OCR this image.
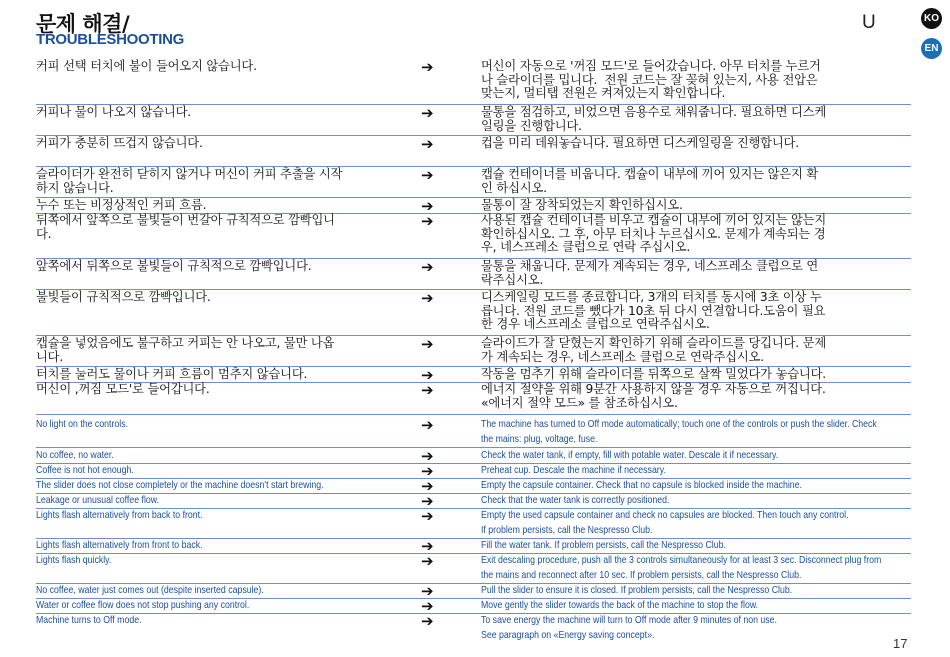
문제 해결/
TROUBLESHOOTING
U	KO
EN
커피 선택 터치에 불이 들어오지 않습니다.	➔	머신이 자동으로 '꺼짐 모드'로 들어갔습니다. 아무 터치를 누르거
나 슬라이더를 밉니다.  전원 코드는 잘 꽂혀 있는지, 사용 전압은
맞는지, 멀티탭 전원은 켜져있는지 확인합니다.
커피나 물이 나오지 않습니다.	➔	물통을 점검하고, 비었으면 음용수로 채워줍니다. 필요하면 디스케
일링을 진행합니다.
커피가 충분히 뜨겁지 않습니다.	➔	컵을 미리 데워놓습니다. 필요하면 디스케일링을 진행합니다.
슬라이더가 완전히 닫히지 않거나 머신이 커피 추출을 시작
하지 않습니다.
➔	캡슐 컨테이너를 비웁니다. 캡슐이 내부에 끼어 있지는 않은지 확
인 하십시오.
누수 또는 비정상적인 커피 흐름.	➔	물통이 잘 장착되었는지 확인하십시오.
뒤쪽에서 앞쪽으로 불빛들이 번갈아 규칙적으로 깜빡입니
다.
➔	사용된 캡슐 컨테이너를 비우고 캡슐이 내부에 끼어 있지는 않는지
확인하십시오. 그 후, 아무 터치나 누르십시오. 문제가 계속되는 경
우, 네스프레소 클럽으로 연락 주십시오.
앞쪽에서 뒤쪽으로 불빛들이 규칙적으로 깜빡입니다.	➔	물통을 채웁니다. 문제가 계속되는 경우, 네스프레소 클럽으로 연
락주십시오.
불빛들이 규칙적으로 깜빡입니다.	➔	디스케일링 모드를 종료합니다, 3개의 터치를 동시에 3초 이상 누
릅니다. 전원 코드를 뺐다가 10초 뒤 다시 연결합니다.도움이 필요
한 경우 네스프레소 클럽으로 연락주십시오.
캡슐을 넣었음에도 불구하고 커피는 안 나오고, 물만 나옵
니다.
➔	슬라이드가 잘 닫혔는지 확인하기 위해 슬라이드를 당깁니다. 문제
가 계속되는 경우, 네스프레소 클럽으로 연락주십시오.
터치를 눌러도 물이나 커피 흐름이 멈추지 않습니다.	➔	작동을 멈추기 위해 슬라이더를 뒤쪽으로 살짝 밀었다가 놓습니다.
머신이 ,꺼짐 모드'로 들어갑니다.	➔	에너지 절약을 위해 9분간 사용하지 않을 경우 자동으로 꺼집니다.
«에너지 절약 모드» 를 참조하십시오.
No light on the controls.	➔	The machine has turned to Off mode automatically; touch one of the controls or push the slider. Check
the mains: plug, voltage, fuse.
No coffee, no water.	➔	Check the water tank, if empty, fill with potable water. Descale it if necessary.
Coffee is not hot enough.	➔	Preheat cup. Descale the machine if necessary.
The slider does not close completely or the machine doesn't start brewing.	➔	Empty the capsule container. Check that no capsule is blocked inside the machine.
Leakage or unusual coffee flow.	➔	Check that the water tank is correctly positioned.
Lights flash alternatively from back to front.	➔	Empty the used capsule container and check no capsules are blocked. Then touch any control.
If problem persists, call the Nespresso Club.
Lights flash alternatively from front to back.	➔	Fill the water tank. If problem persists, call the Nespresso Club.
Lights flash quickly.	➔	Exit descaling procedure, push all the 3 controls simultaneously for at least 3 sec. Disconnect plug from
the mains and reconnect after 10 sec. If problem persists, call the Nespresso Club.
No coffee, water just comes out (despite inserted capsule).	➔	Pull the slider to ensure it is closed. If problem persists, call the Nespresso Club.
Water or coffee flow does not stop pushing any control.	➔	Move gently the slider towards the back of the machine to stop the flow.
Machine turns to Off mode.	➔	To save energy the machine will turn to Off mode after 9 minutes of non use.
See paragraph on «Energy saving concept».
17
